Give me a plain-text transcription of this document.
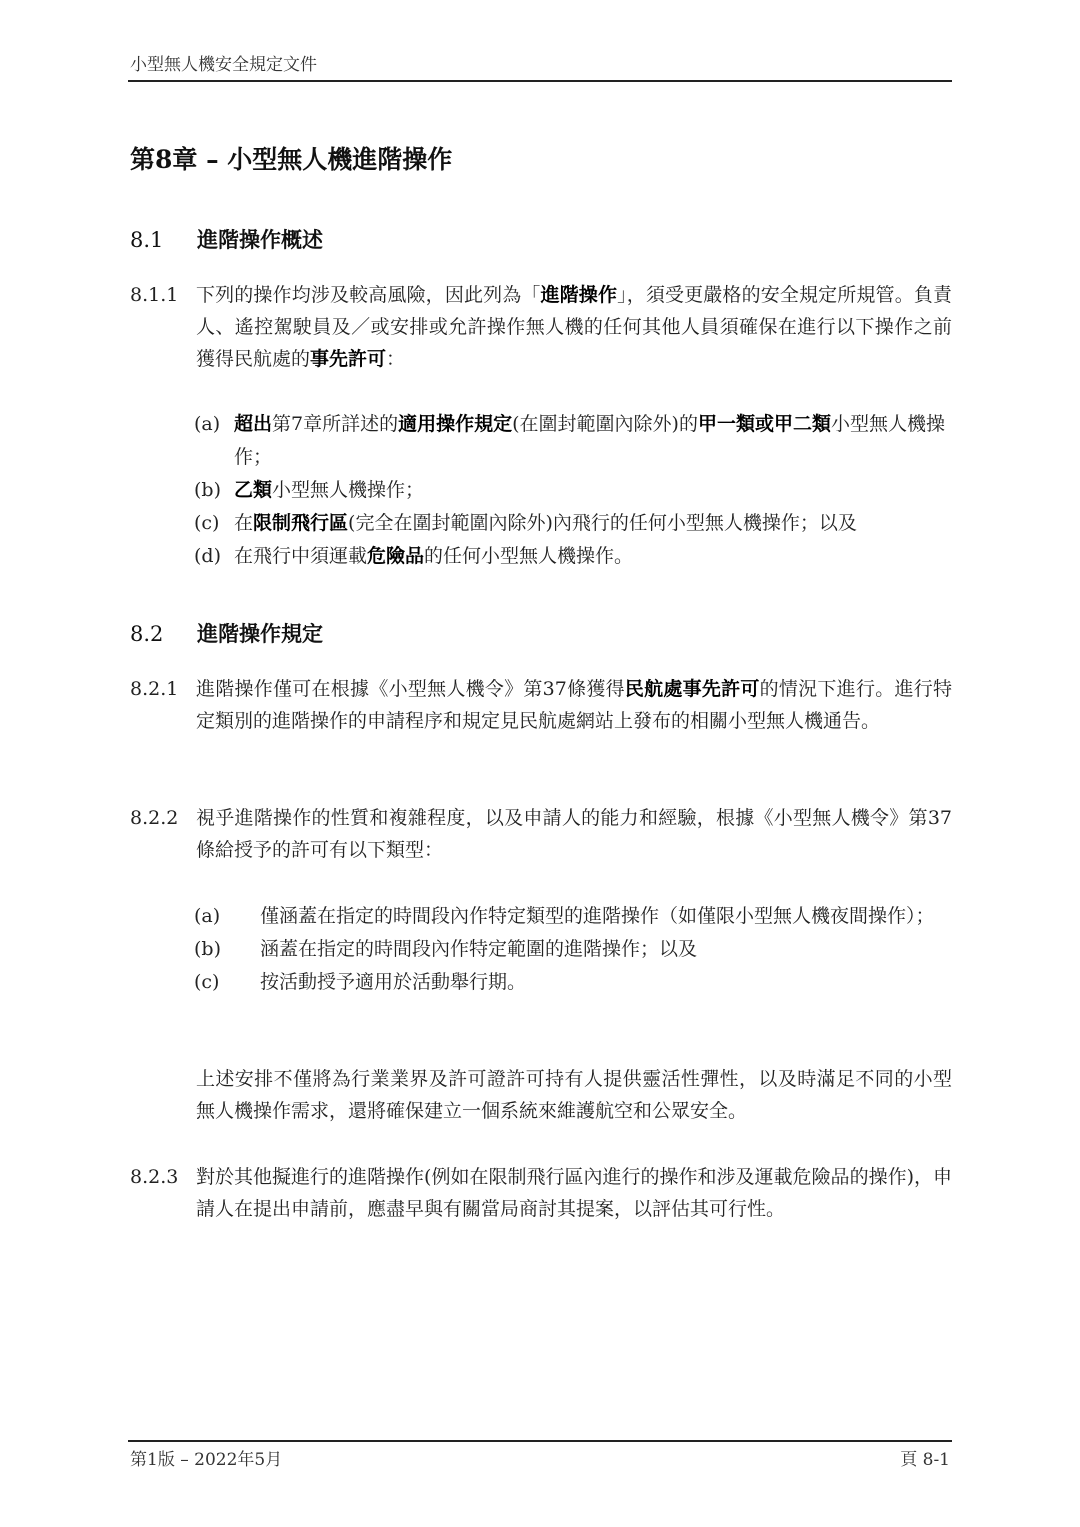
小型無人機安全規定文件
第8章 – 小型無人機進階操作
8.1 進階操作概述
8.1.1 下列的操作均涉及較高風險，因此列為「進階操作」，須受更嚴格的安全規定所規管。負責人、遙控駕駛員及／或安排或允許操作無人機的任何其他人員須確保在進行以下操作之前獲得民航處的事先許可：
(a) 超出第7章所詳述的適用操作規定(在圍封範圍內除外)的甲一類或甲二類小型無人機操作；
(b) 乙類小型無人機操作；
(c) 在限制飛行區(完全在圍封範圍內除外)內飛行的任何小型無人機操作；以及
(d) 在飛行中須運載危險品的任何小型無人機操作。
8.2 進階操作規定
8.2.1 進階操作僅可在根據《小型無人機令》第37條獲得民航處事先許可的情況下進行。進行特定類別的進階操作的申請程序和規定見民航處網站上發布的相關小型無人機通告。
8.2.2 視乎進階操作的性質和複雜程度，以及申請人的能力和經驗，根據《小型無人機令》第37條給授予的許可有以下類型：
(a) 僅涵蓋在指定的時間段內作特定類型的進階操作（如僅限小型無人機夜間操作）；
(b) 涵蓋在指定的時間段內作特定範圍的進階操作；以及
(c) 按活動授予適用於活動舉行期。
上述安排不僅將為行業業界及許可證許可持有人提供靈活性彈性，以及時滿足不同的小型無人機操作需求，還將確保建立一個系統來維護航空和公眾安全。
8.2.3 對於其他擬進行的進階操作(例如在限制飛行區內進行的操作和涉及運載危險品的操作)，申請人在提出申請前，應盡早與有關當局商討其提案，以評估其可行性。
第1版 – 2022年5月	頁 8-1
